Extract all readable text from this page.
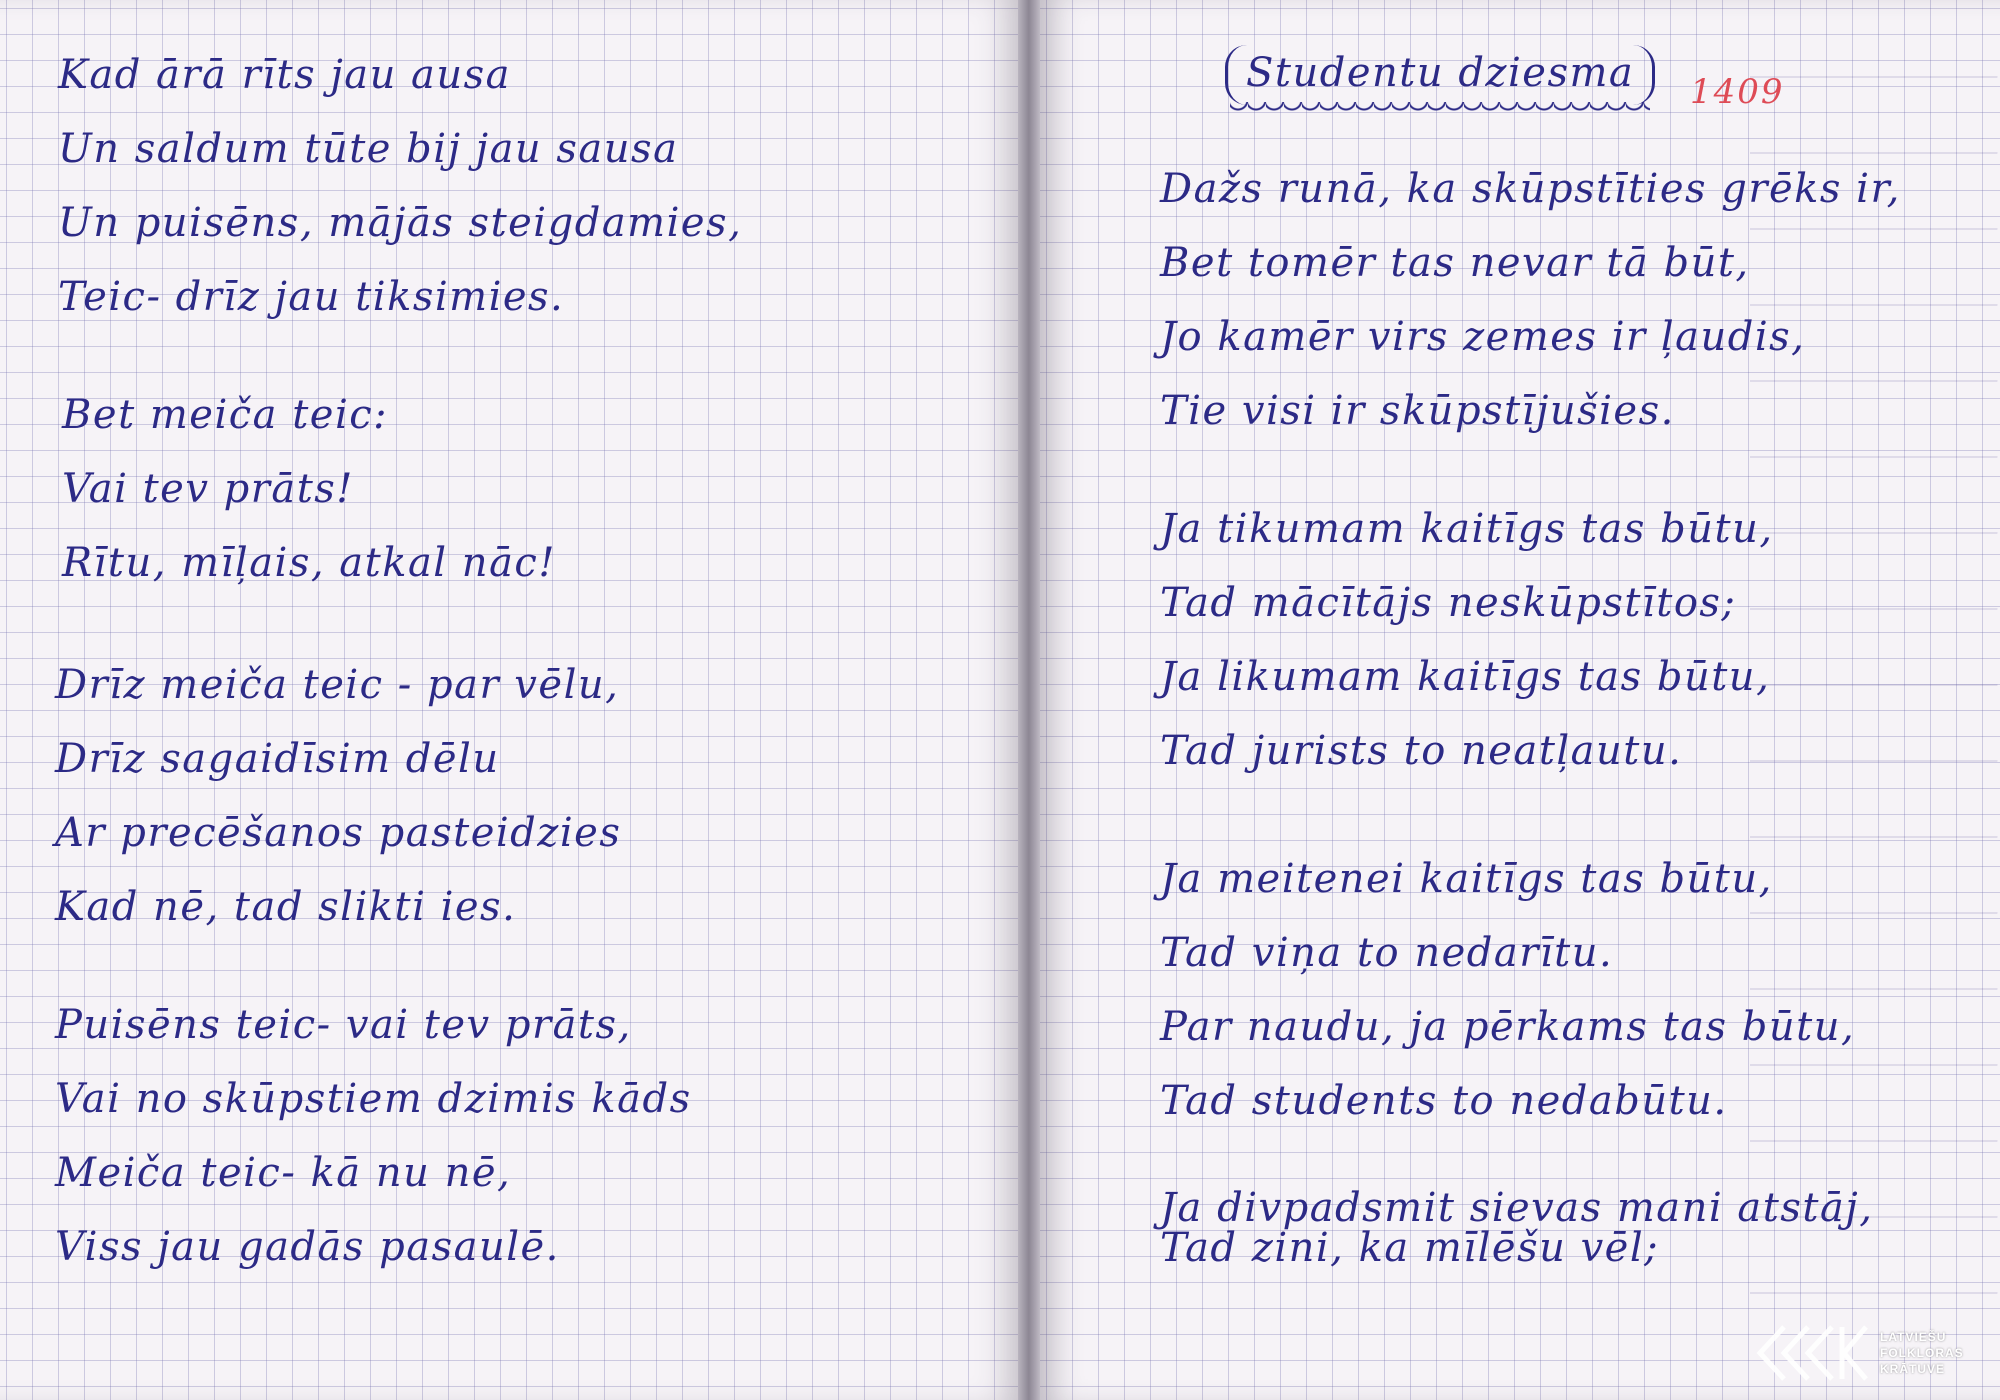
Kad ārā rīts jau ausa
Un saldum tūte bij jau sausa
Un puisēns, mājās steigdamies,
Teic- drīz jau tiksimies.
Bet meiča teic:
Vai tev prāts!
Rītu, mīļais, atkal nāc!
Drīz meiča teic - par vēlu,
Drīz sagaidīsim dēlu
Ar precēšanos pasteidzies
Kad nē, tad slikti ies.
Puisēns teic- vai tev prāts,
Vai no skūpstiem dzimis kāds
Meiča teic- kā nu nē,
Viss jau gadās pasaulē.
Dažs runā, ka skūpstīties grēks ir,
Bet tomēr tas nevar tā būt,
Jo kamēr virs zemes ir ļaudis,
Tie visi ir skūpstījušies.
Ja tikumam kaitīgs tas būtu,
Tad mācītājs neskūpstītos;
Ja likumam kaitīgs tas būtu,
Tad jurists to neatļautu.
Ja meitenei kaitīgs tas būtu,
Tad viņa to nedarītu.
Par naudu, ja pērkams tas būtu,
Tad students to nedabūtu.
Ja divpadsmit sievas mani atstāj,
Tad zini, ka mīlēšu vēl;
Studentu dziesma	1409
LATVIEŠU
FOLKLORAS
KRĀTUVE
